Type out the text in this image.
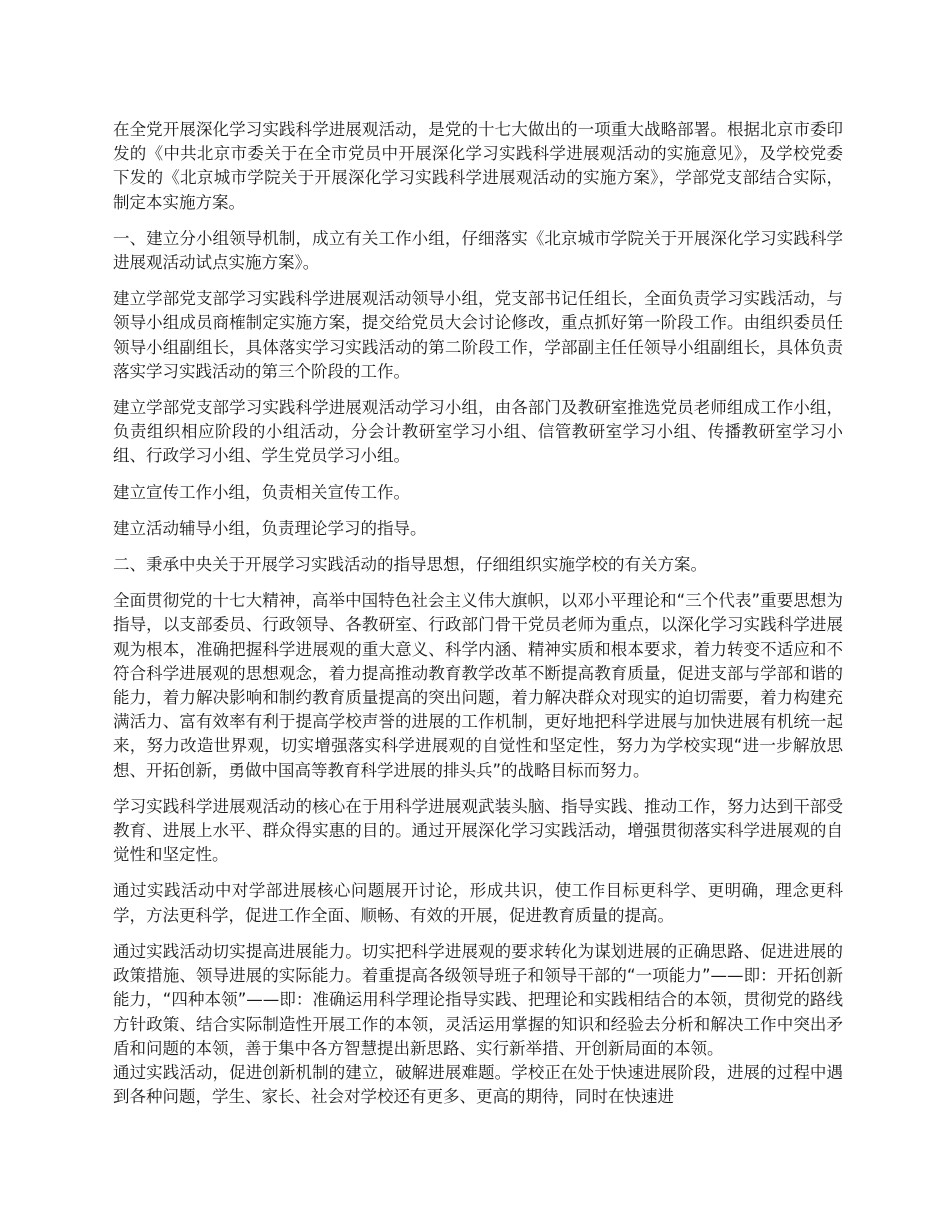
在全党开展深化学习实践科学进展观活动，是党的十七大做出的一项重大战略部署。根据北京市委印发的《中共北京市委关于在全市党员中开展深化学习实践科学进展观活动的实施意见》，及学校党委下发的《北京城市学院关于开展深化学习实践科学进展观活动的实施方案》，学部党支部结合实际，制定本实施方案。

一、建立分小组领导机制，成立有关工作小组，仔细落实《北京城市学院关于开展深化学习实践科学进展观活动试点实施方案》。

建立学部党支部学习实践科学进展观活动领导小组，党支部书记任组长，全面负责学习实践活动，与领导小组成员商榷制定实施方案，提交给党员大会讨论修改，重点抓好第一阶段工作。由组织委员任领导小组副组长，具体落实学习实践活动的第二阶段工作，学部副主任任领导小组副组长，具体负责落实学习实践活动的第三个阶段的工作。

建立学部党支部学习实践科学进展观活动学习小组，由各部门及教研室推选党员老师组成工作小组，负责组织相应阶段的小组活动，分会计教研室学习小组、信管教研室学习小组、传播教研室学习小组、行政学习小组、学生党员学习小组。

建立宣传工作小组，负责相关宣传工作。

建立活动辅导小组，负责理论学习的指导。

二、秉承中央关于开展学习实践活动的指导思想，仔细组织实施学校的有关方案。

全面贯彻党的十七大精神，高举中国特色社会主义伟大旗帜，以邓小平理论和“三个代表”重要思想为指导，以支部委员、行政领导、各教研室、行政部门骨干党员老师为重点，以深化学习实践科学进展观为根本，准确把握科学进展观的重大意义、科学内涵、精神实质和根本要求，着力转变不适应和不符合科学进展观的思想观念，着力提高推动教育教学改革不断提高教育质量，促进支部与学部和谐的能力，着力解决影响和制约教育质量提高的突出问题，着力解决群众对现实的迫切需要，着力构建充满活力、富有效率有利于提高学校声誉的进展的工作机制，更好地把科学进展与加快进展有机统一起来，努力改造世界观，切实增强落实科学进展观的自觉性和坚定性，努力为学校实现“进一步解放思想、开拓创新，勇做中国高等教育科学进展的排头兵”的战略目标而努力。

学习实践科学进展观活动的核心在于用科学进展观武装头脑、指导实践、推动工作，努力达到干部受教育、进展上水平、群众得实惠的目的。通过开展深化学习实践活动，增强贯彻落实科学进展观的自觉性和坚定性。

通过实践活动中对学部进展核心问题展开讨论，形成共识，使工作目标更科学、更明确，理念更科学，方法更科学，促进工作全面、顺畅、有效的开展，促进教育质量的提高。

通过实践活动切实提高进展能力。切实把科学进展观的要求转化为谋划进展的正确思路、促进进展的政策措施、领导进展的实际能力。着重提高各级领导班子和领导干部的“一项能力”——即：开拓创新能力，“四种本领”——即：准确运用科学理论指导实践、把理论和实践相结合的本领，贯彻党的路线方针政策、结合实际制造性开展工作的本领，灵活运用掌握的知识和经验去分析和解决工作中突出矛盾和问题的本领，善于集中各方智慧提出新思路、实行新举措、开创新局面的本领。

通过实践活动，促进创新机制的建立，破解进展难题。学校正在处于快速进展阶段，进展的过程中遇到各种问题，学生、家长、社会对学校还有更多、更高的期待，同时在快速进
